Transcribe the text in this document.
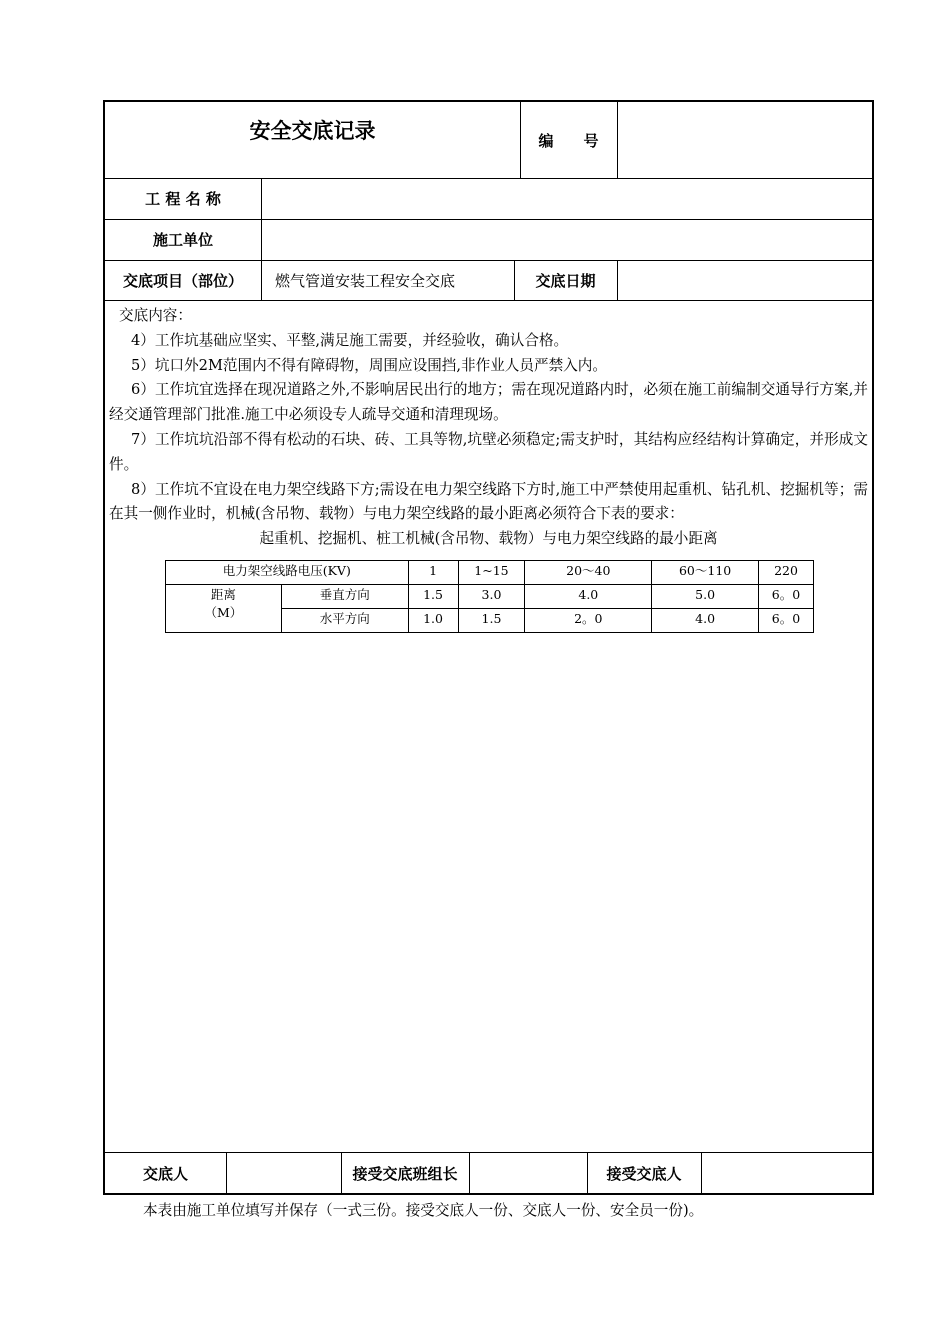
安全交底记录	编　　号
工 程 名 称
施工单位
交底项目（部位）	燃气管道安装工程安全交底	交底日期

交底内容：

4）工作坑基础应坚实、平整,满足施工需要，并经验收，确认合格。

5）坑口外2M范围内不得有障碍物，周围应设围挡,非作业人员严禁入内。

6）工作坑宜选择在现况道路之外,不影响居民出行的地方；需在现况道路内时，必须在施工前编制交通导行方案,并经交通管理部门批准.施工中必须设专人疏导交通和清理现场。

7）工作坑坑沿部不得有松动的石块、砖、工具等物,坑壁必须稳定;需支护时，其结构应经结构计算确定，并形成文件。

8）工作坑不宜设在电力架空线路下方;需设在电力架空线路下方时,施工中严禁使用起重机、钻孔机、挖掘机等；需在其一侧作业时，机械(含吊物、载物）与电力架空线路的最小距离必须符合下表的要求：

起重机、挖掘机、桩工机械(含吊物、载物）与电力架空线路的最小距离
电力架空线路电压(KV)		1	1~15	20～40	60～110	220

距离
（M）	垂直方向	1.5	3.0	4.0	5.0	6。0
	水平方向	1.0	1.5	2。0	4.0	6。0
交底人	接受交底班组长	接受交底人
本表由施工单位填写并保存（一式三份。接受交底人一份、交底人一份、安全员一份)。
